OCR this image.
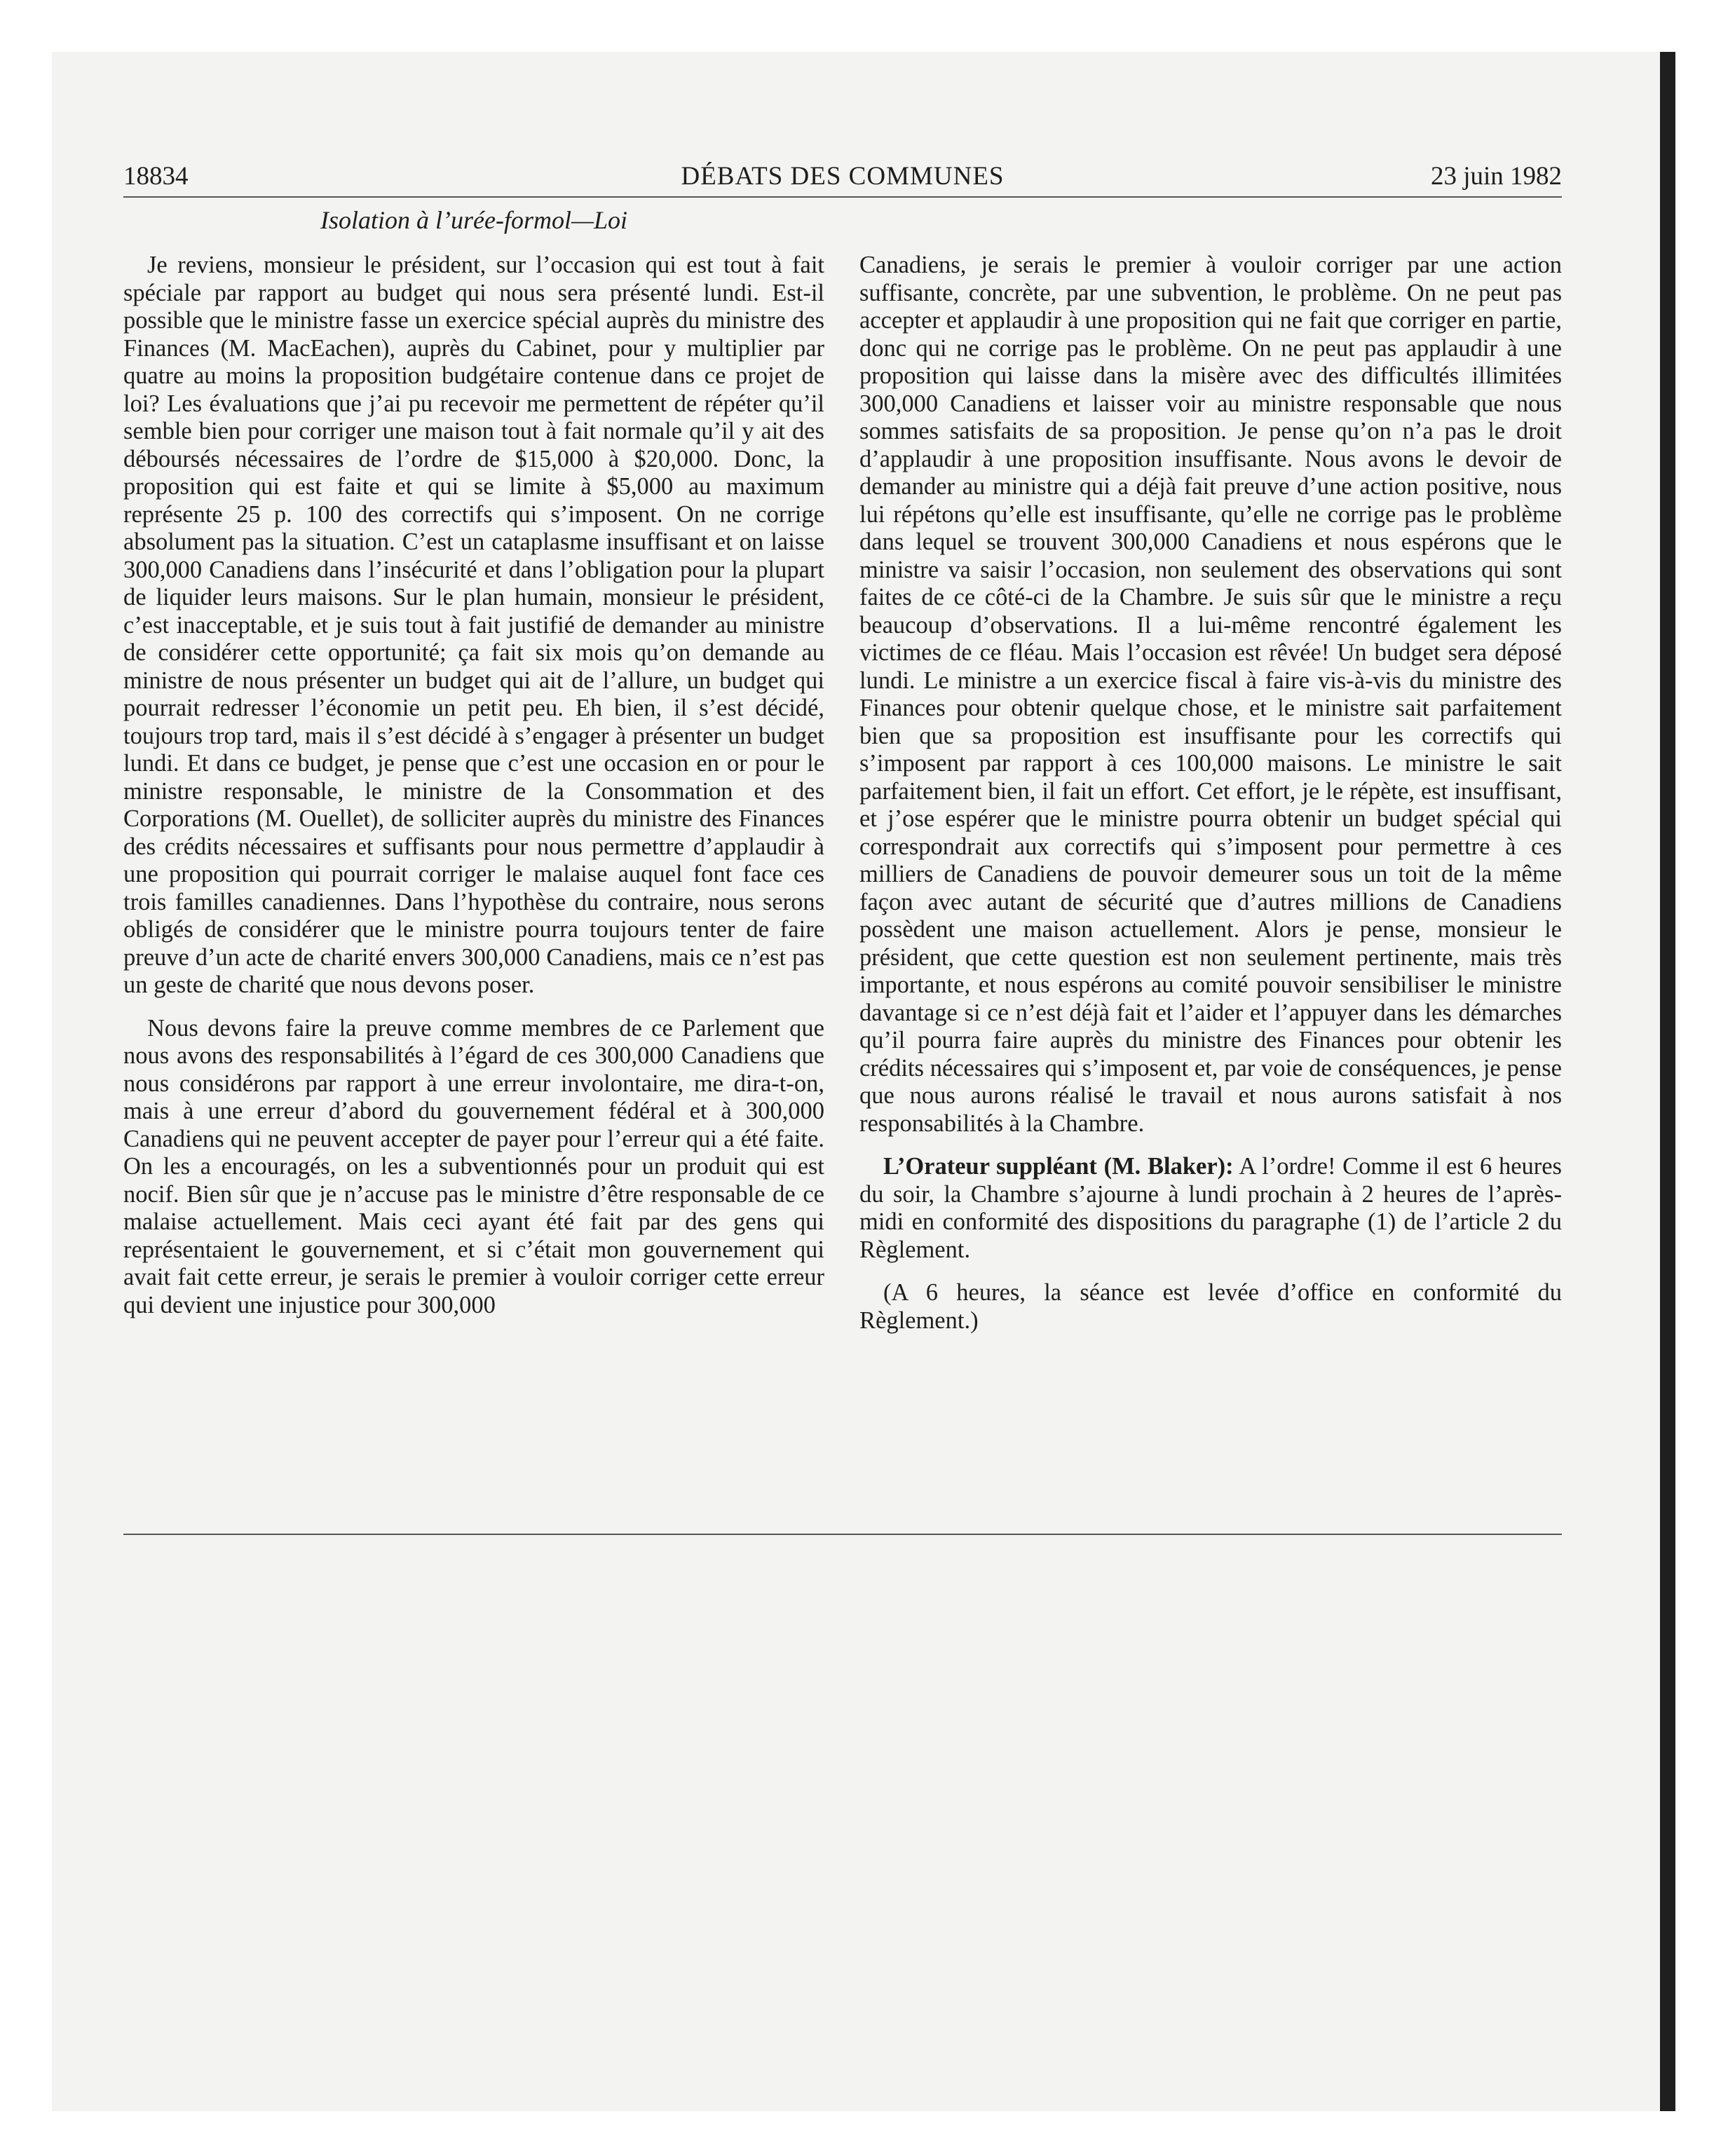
18834	DÉBATS DES COMMUNES	23 juin 1982
Isolation à l’urée-formol—Loi

Je reviens, monsieur le président, sur l’occasion qui est tout à fait spéciale par rapport au budget qui nous sera présenté lundi. Est-il possible que le ministre fasse un exercice spécial auprès du ministre des Finances (M. MacEachen), auprès du Cabinet, pour y multiplier par quatre au moins la proposition budgétaire contenue dans ce projet de loi? Les évaluations que j’ai pu recevoir me permettent de répéter qu’il semble bien pour corriger une maison tout à fait normale qu’il y ait des déboursés nécessaires de l’ordre de $15,000 à $20,000. Donc, la proposition qui est faite et qui se limite à $5,000 au maximum représente 25 p. 100 des correctifs qui s’imposent. On ne corrige absolument pas la situation. C’est un cataplasme insuffisant et on laisse 300,000 Canadiens dans l’insécurité et dans l’obligation pour la plupart de liquider leurs maisons. Sur le plan humain, monsieur le président, c’est inacceptable, et je suis tout à fait justifié de demander au ministre de considérer cette opportunité; ça fait six mois qu’on demande au ministre de nous présenter un budget qui ait de l’allure, un budget qui pourrait redresser l’économie un petit peu. Eh bien, il s’est décidé, toujours trop tard, mais il s’est décidé à s’engager à présenter un budget lundi. Et dans ce budget, je pense que c’est une occasion en or pour le ministre responsable, le ministre de la Consommation et des Corporations (M. Ouellet), de solliciter auprès du ministre des Finances des crédits nécessaires et suffisants pour nous permettre d’applaudir à une proposition qui pourrait corriger le malaise auquel font face ces trois familles canadiennes. Dans l’hypothèse du contraire, nous serons obligés de considérer que le ministre pourra toujours tenter de faire preuve d’un acte de charité envers 300,000 Canadiens, mais ce n’est pas un geste de charité que nous devons poser.

Nous devons faire la preuve comme membres de ce Parlement que nous avons des responsabilités à l’égard de ces 300,000 Canadiens que nous considérons par rapport à une erreur involontaire, me dira-t-on, mais à une erreur d’abord du gouvernement fédéral et à 300,000 Canadiens qui ne peuvent accepter de payer pour l’erreur qui a été faite. On les a encouragés, on les a subventionnés pour un produit qui est nocif. Bien sûr que je n’accuse pas le ministre d’être responsable de ce malaise actuellement. Mais ceci ayant été fait par des gens qui représentaient le gouvernement, et si c’était mon gouvernement qui avait fait cette erreur, je serais le premier à vouloir corriger cette erreur qui devient une injustice pour 300,000

Canadiens, je serais le premier à vouloir corriger par une action suffisante, concrète, par une subvention, le problème. On ne peut pas accepter et applaudir à une proposition qui ne fait que corriger en partie, donc qui ne corrige pas le problème. On ne peut pas applaudir à une proposition qui laisse dans la misère avec des difficultés illimitées 300,000 Canadiens et laisser voir au ministre responsable que nous sommes satisfaits de sa proposition. Je pense qu’on n’a pas le droit d’applaudir à une proposition insuffisante. Nous avons le devoir de demander au ministre qui a déjà fait preuve d’une action positive, nous lui répétons qu’elle est insuffisante, qu’elle ne corrige pas le problème dans lequel se trouvent 300,000 Canadiens et nous espérons que le ministre va saisir l’occasion, non seulement des observations qui sont faites de ce côté-ci de la Chambre. Je suis sûr que le ministre a reçu beaucoup d’observations. Il a lui-même rencontré également les victimes de ce fléau. Mais l’occasion est rêvée! Un budget sera déposé lundi. Le ministre a un exercice fiscal à faire vis-à-vis du ministre des Finances pour obtenir quelque chose, et le ministre sait parfaitement bien que sa proposition est insuffisante pour les correctifs qui s’imposent par rapport à ces 100,000 maisons. Le ministre le sait parfaitement bien, il fait un effort. Cet effort, je le répète, est insuffisant, et j’ose espérer que le ministre pourra obtenir un budget spécial qui correspondrait aux correctifs qui s’imposent pour permettre à ces milliers de Canadiens de pouvoir demeurer sous un toit de la même façon avec autant de sécurité que d’autres millions de Canadiens possèdent une maison actuellement. Alors je pense, monsieur le président, que cette question est non seulement pertinente, mais très importante, et nous espérons au comité pouvoir sensibiliser le ministre davantage si ce n’est déjà fait et l’aider et l’appuyer dans les démarches qu’il pourra faire auprès du ministre des Finances pour obtenir les crédits nécessaires qui s’imposent et, par voie de conséquences, je pense que nous aurons réalisé le travail et nous aurons satisfait à nos responsabilités à la Chambre.

L’Orateur suppléant (M. Blaker): A l’ordre! Comme il est 6 heures du soir, la Chambre s’ajourne à lundi prochain à 2 heures de l’après-midi en conformité des dispositions du paragraphe (1) de l’article 2 du Règlement.

(A 6 heures, la séance est levée d’office en conformité du Règlement.)
